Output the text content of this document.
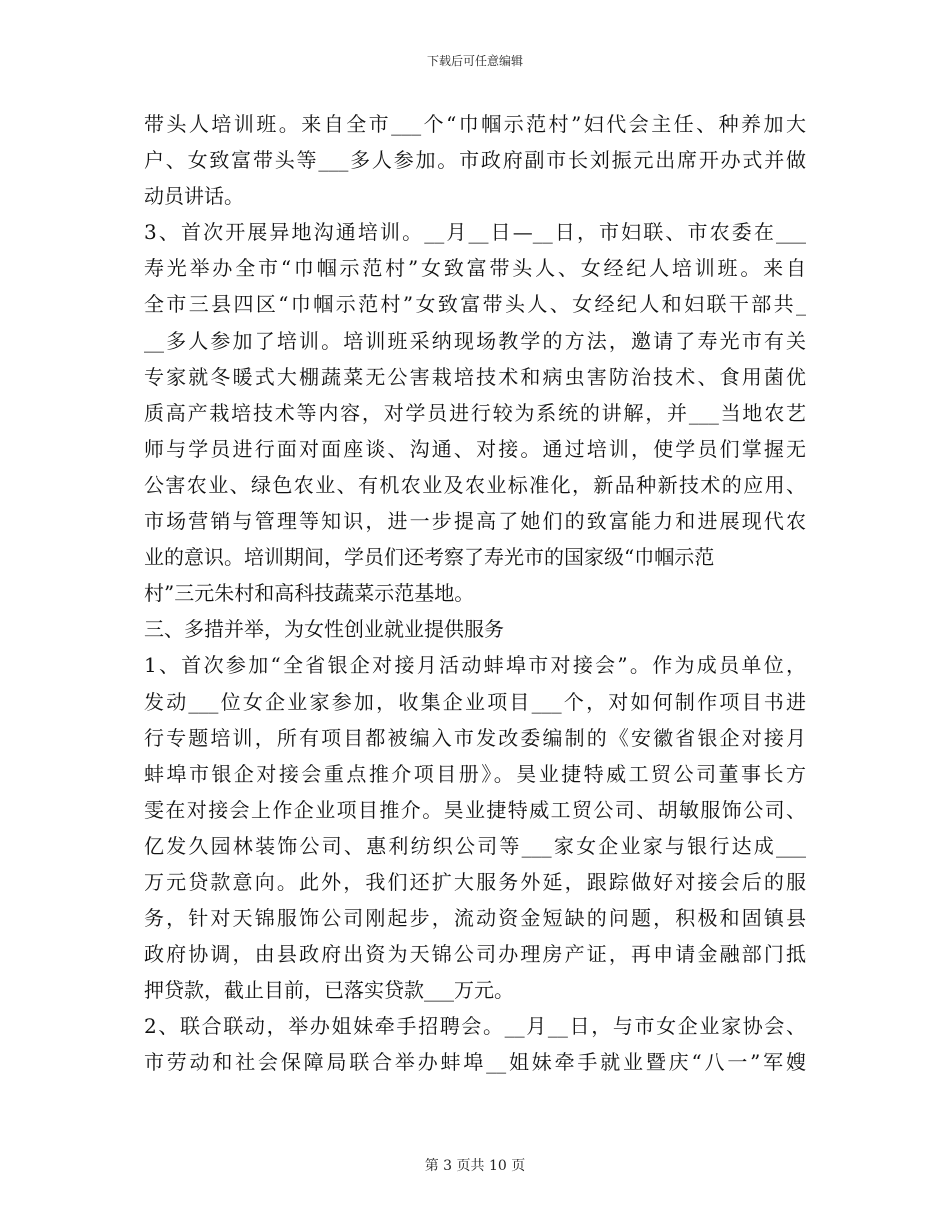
下载后可任意编辑
带头人培训班。来自全市___个“巾帼示范村”妇代会主任、种养加大
户、女致富带头等___多人参加。市政府副市长刘振元出席开办式并做
动员讲话。
3、首次开展异地沟通培训。__月__日—__日，市妇联、市农委在___
寿光举办全市“巾帼示范村”女致富带头人、女经纪人培训班。来自
全市三县四区“巾帼示范村”女致富带头人、女经纪人和妇联干部共_
__多人参加了培训。培训班采纳现场教学的方法，邀请了寿光市有关
专家就冬暖式大棚蔬菜无公害栽培技术和病虫害防治技术、食用菌优
质高产栽培技术等内容，对学员进行较为系统的讲解，并___当地农艺
师与学员进行面对面座谈、沟通、对接。通过培训，使学员们掌握无
公害农业、绿色农业、有机农业及农业标准化，新品种新技术的应用、
市场营销与管理等知识，进一步提高了她们的致富能力和进展现代农
业的意识。培训期间，学员们还考察了寿光市的国家级“巾帼示范
村”三元朱村和高科技蔬菜示范基地。
三、多措并举，为女性创业就业提供服务
1、首次参加“全省银企对接月活动蚌埠市对接会”。作为成员单位，
发动___位女企业家参加，收集企业项目___个，对如何制作项目书进
行专题培训，所有项目都被编入市发改委编制的《安徽省银企对接月
蚌埠市银企对接会重点推介项目册》。昊业捷特威工贸公司董事长方
雯在对接会上作企业项目推介。昊业捷特威工贸公司、胡敏服饰公司、
亿发久园林装饰公司、惠利纺织公司等___家女企业家与银行达成___
万元贷款意向。此外，我们还扩大服务外延，跟踪做好对接会后的服
务，针对天锦服饰公司刚起步，流动资金短缺的问题，积极和固镇县
政府协调，由县政府出资为天锦公司办理房产证，再申请金融部门抵
押贷款，截止目前，已落实贷款___万元。
2、联合联动，举办姐妹牵手招聘会。__月__日，与市女企业家协会、
市劳动和社会保障局联合举办蚌埠__姐妹牵手就业暨庆“八一”军嫂
第 3 页共 10 页
